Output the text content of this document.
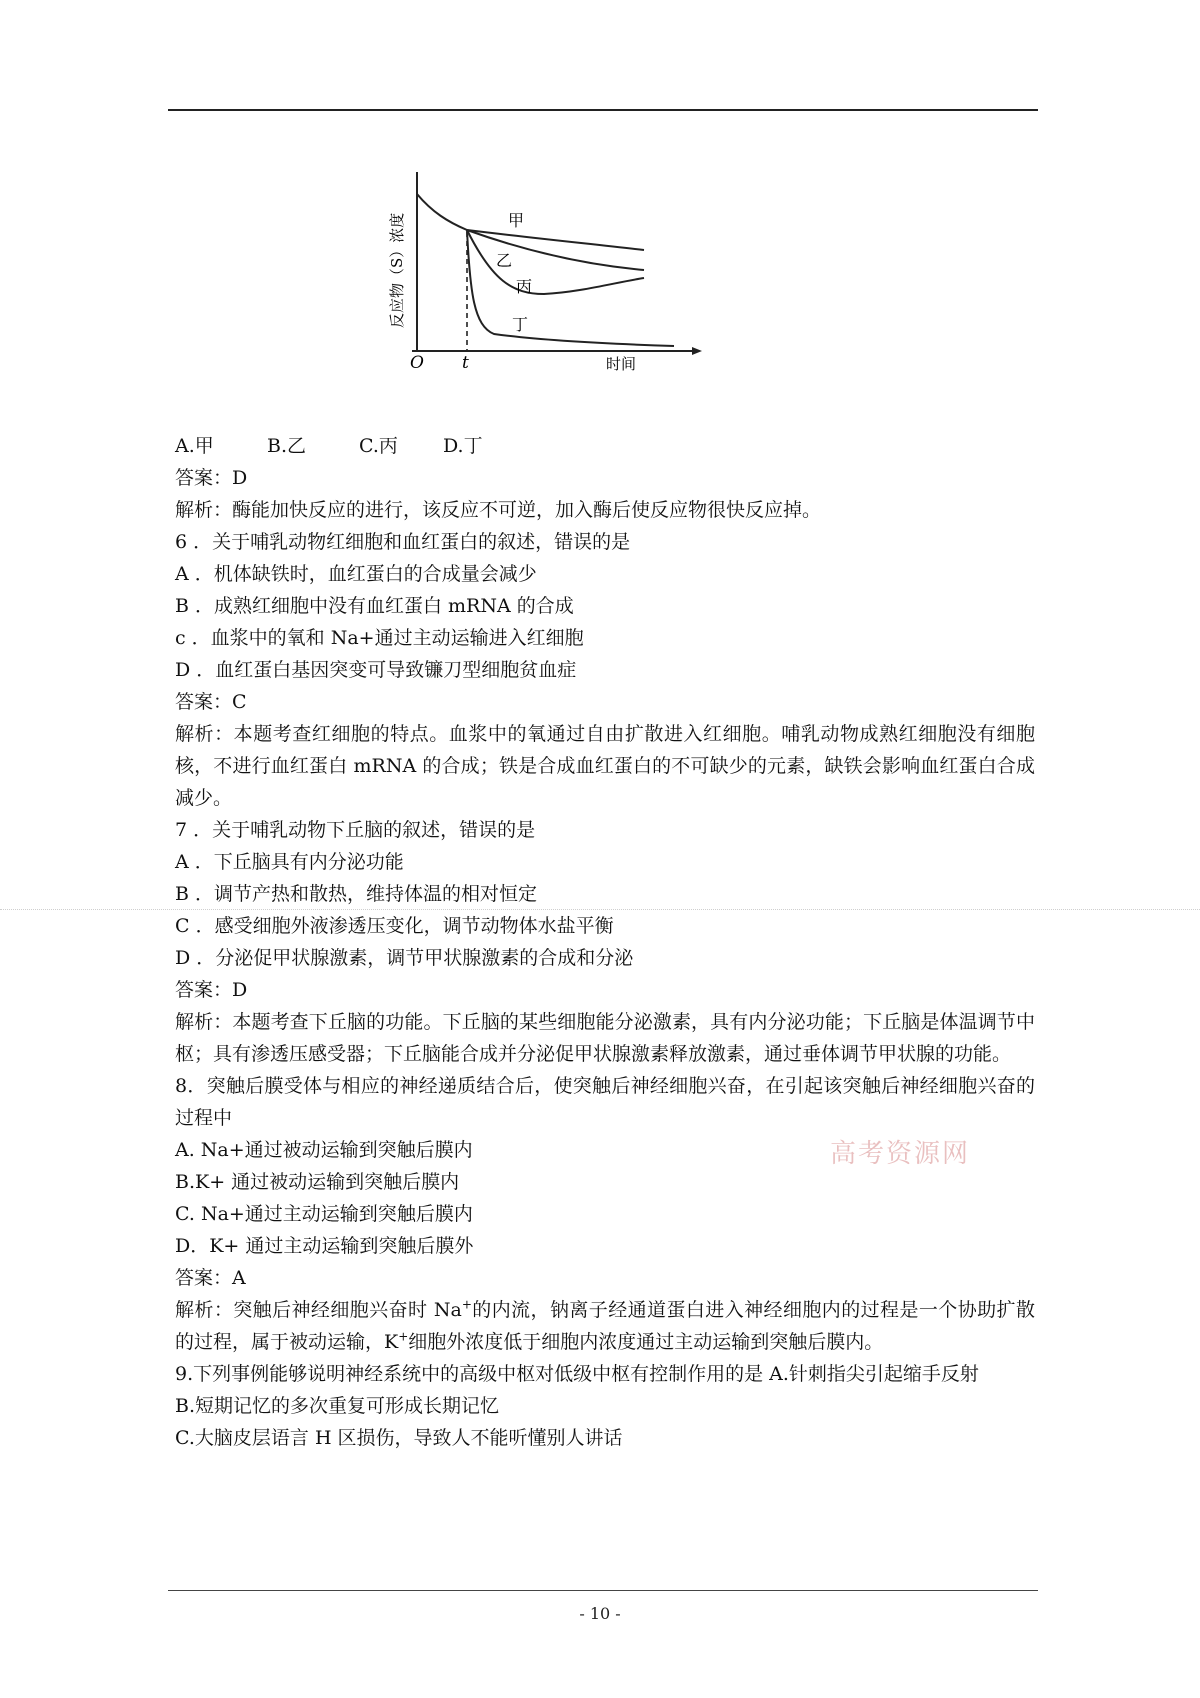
O t	时间
反应物（S）浓度	甲
乙
丙
丁
A.甲	B.乙	C.丙 D.丁
答案：D
解析：酶能加快反应的进行，该反应不可逆，加入酶后使反应物很快反应掉。
6 ．关于哺乳动物红细胞和血红蛋白的叙述，错误的是
A ．机体缺铁时，血红蛋白的合成量会减少
B ．成熟红细胞中没有血红蛋白 mRNA 的合成
c ．血浆中的氧和 Na+通过主动运输进入红细胞
D ．血红蛋白基因突变可导致镰刀型细胞贫血症
答案：C

解析：本题考查红细胞的特点。血浆中的氧通过自由扩散进入红细胞。哺乳动物成熟红细胞没有细胞核，不进行血红蛋白 mRNA 的合成；铁是合成血红蛋白的不可缺少的元素，缺铁会影响血红蛋白合成减少。

7 ．关于哺乳动物下丘脑的叙述，错误的是
A ．下丘脑具有内分泌功能
B ．调节产热和散热，维持体温的相对恒定
C ．感受细胞外液渗透压变化，调节动物体水盐平衡
D ．分泌促甲状腺激素，调节甲状腺激素的合成和分泌
答案：D

解析：本题考查下丘脑的功能。下丘脑的某些细胞能分泌激素，具有内分泌功能；下丘脑是体温调节中枢；具有渗透压感受器；下丘脑能合成并分泌促甲状腺激素释放激素，通过垂体调节甲状腺的功能。

8．突触后膜受体与相应的神经递质结合后，使突触后神经细胞兴奋，在引起该突触后神经细胞兴奋的过程中

A. Na+通过被动运输到突触后膜内
B.K+ 通过被动运输到突触后膜内
C. Na+通过主动运输到突触后膜内
D．K+ 通过主动运输到突触后膜外
答案：A

解析：突触后神经细胞兴奋时 Na+的内流，钠离子经通道蛋白进入神经细胞内的过程是一个协助扩散的过程，属于被动运输，K+细胞外浓度低于细胞内浓度通过主动运输到突触后膜内。

9.下列事例能够说明神经系统中的高级中枢对低级中枢有控制作用的是 A.针刺指尖引起缩手反射

B.短期记忆的多次重复可形成长期记忆
C.大脑皮层语言 H 区损伤，导致人不能听懂别人讲话
高考资源网
- 10 -
